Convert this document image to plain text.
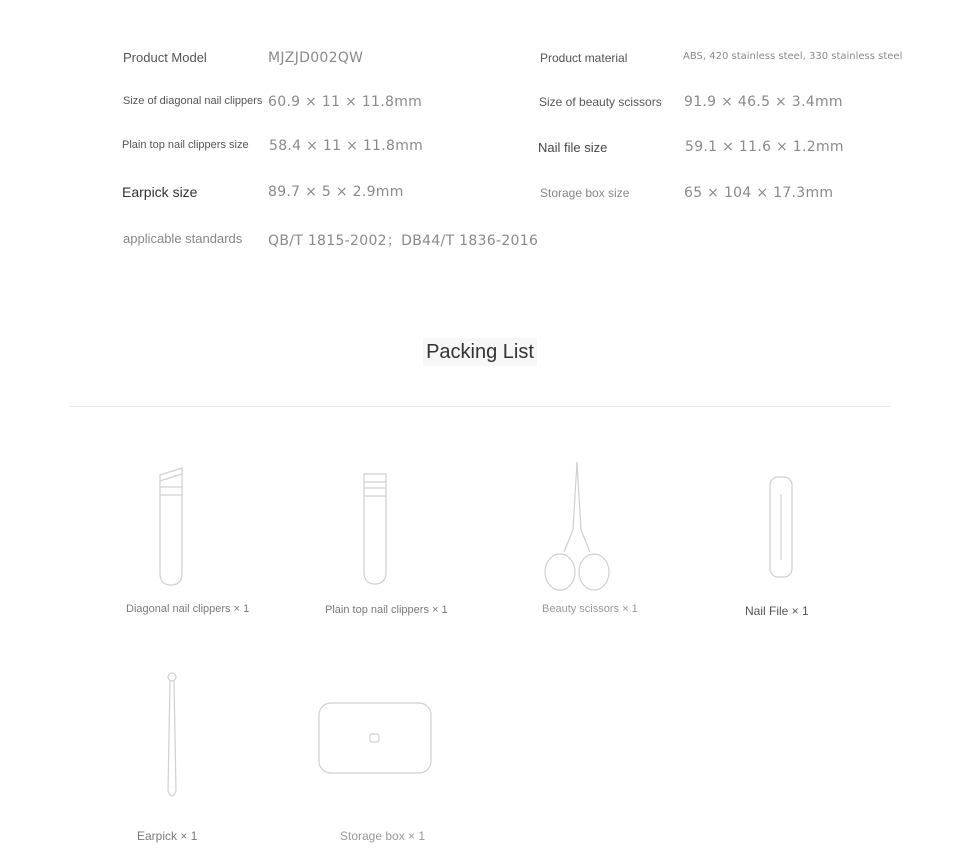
Product Model	MJZJD002QW
Size of diagonal nail clippers 60.9 × 11 × 11.8mm
Plain top nail clippers size 58.4 × 11 × 11.8mm
Earpick size	89.7 × 5 × 2.9mm
applicable standards QB/T 1815-2002；DB44/T 1836-2016
Product material	ABS, 420 stainless steel, 330 stainless steel
Size of beauty scissors 91.9 × 46.5 × 3.4mm
Nail file size	59.1 × 11.6 × 1.2mm
Storage box size	65 × 104 × 17.3mm
Packing List
Diagonal nail clippers × 1	Plain top nail clippers × 1	Beauty scissors × 1	Nail File × 1
Earpick × 1	Storage box × 1
